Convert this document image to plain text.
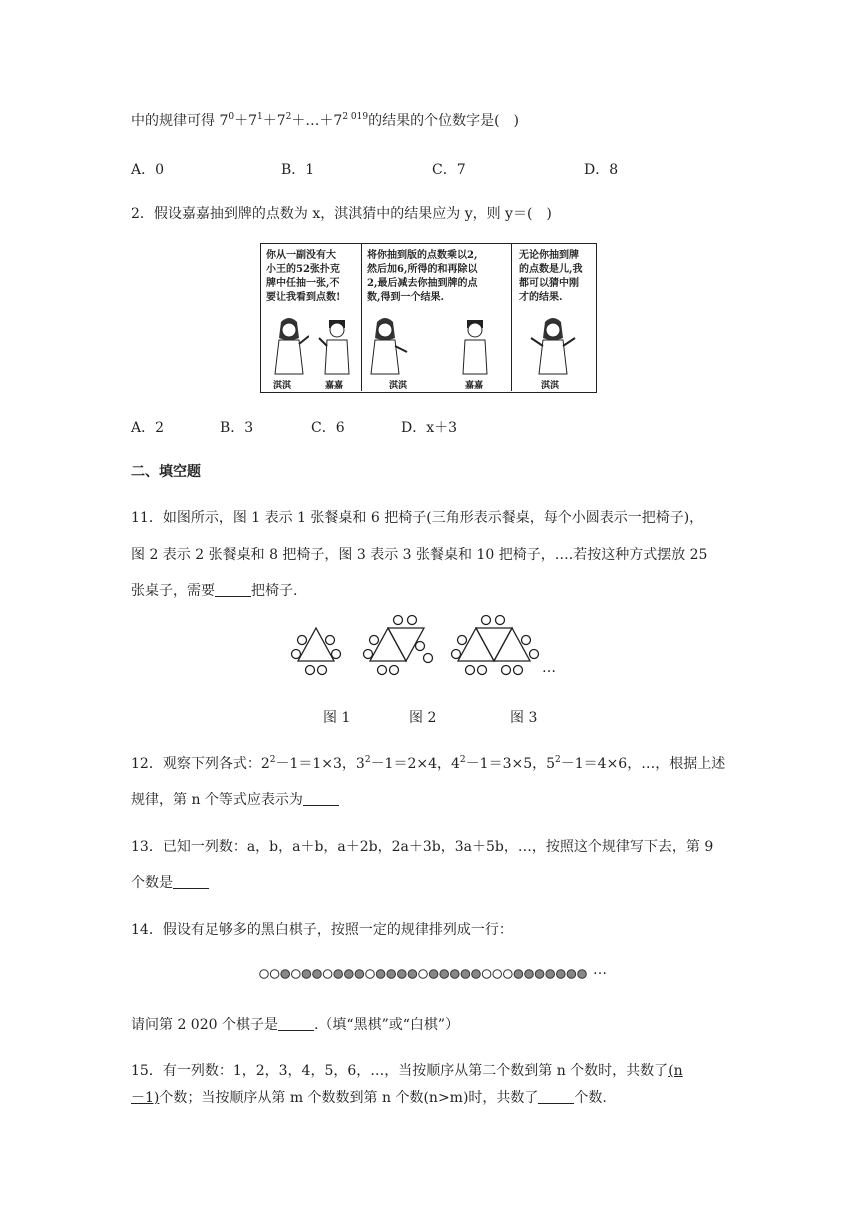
中的规律可得 $7^0+7^1+7^2+\dots+7^{2 019}$的结果的个位数字是(　)
A．0	B．1	C．7	D．8
2．假设嘉嘉抽到牌的点数为 x，淇淇猜中的结果应为 y，则 y＝(　)
你从一副没有大
小王的52张扑克
牌中任抽一张,不
要让我看到点数!
淇淇	嘉嘉
将你抽到版的点数乘以2,
然后加6,所得的和再除以
2,最后减去你抽到牌的点
数,得到一个结果.
淇淇	嘉嘉
无论你抽到牌
的点数是儿,我
都可以猜中刚
才的结果.
淇淇
A．2	B．3	C．6	D．x＋3
二、填空题
11．如图所示，图 1 表示 1 张餐桌和 6 把椅子(三角形表示餐桌，每个小圆表示一把椅子)，
图 2 表示 2 张餐桌和 8 把椅子，图 3 表示 3 张餐桌和 10 把椅子，….若按这种方式摆放 25
张桌子，需要	把椅子.
…
图 1	图 2	图 3
12．观察下列各式：$2^2-1=1\times 3$，$3^2-1=2\times 4$，$4^2-1=3\times 5$，$5^2-1=4\times 6$，…，根据上述
规律，第 n 个等式应表示为
13．已知一列数：a，b，a＋b，a＋2b，2a＋3b，3a＋5b，…，按照这个规律写下去，第 9
个数是
14．假设有足够多的黑白棋子，按照一定的规律排列成一行：
…
请问第 2 020 个棋子是	.（填“黑棋”或“白棋”）
15．有一列数：1，2，3，4，5，6，…，当按顺序从第二个数到第 n 个数时，共数了(n
－1)个数；当按顺序从第 m 个数数到第 n 个数(n>m)时，共数了	个数.
